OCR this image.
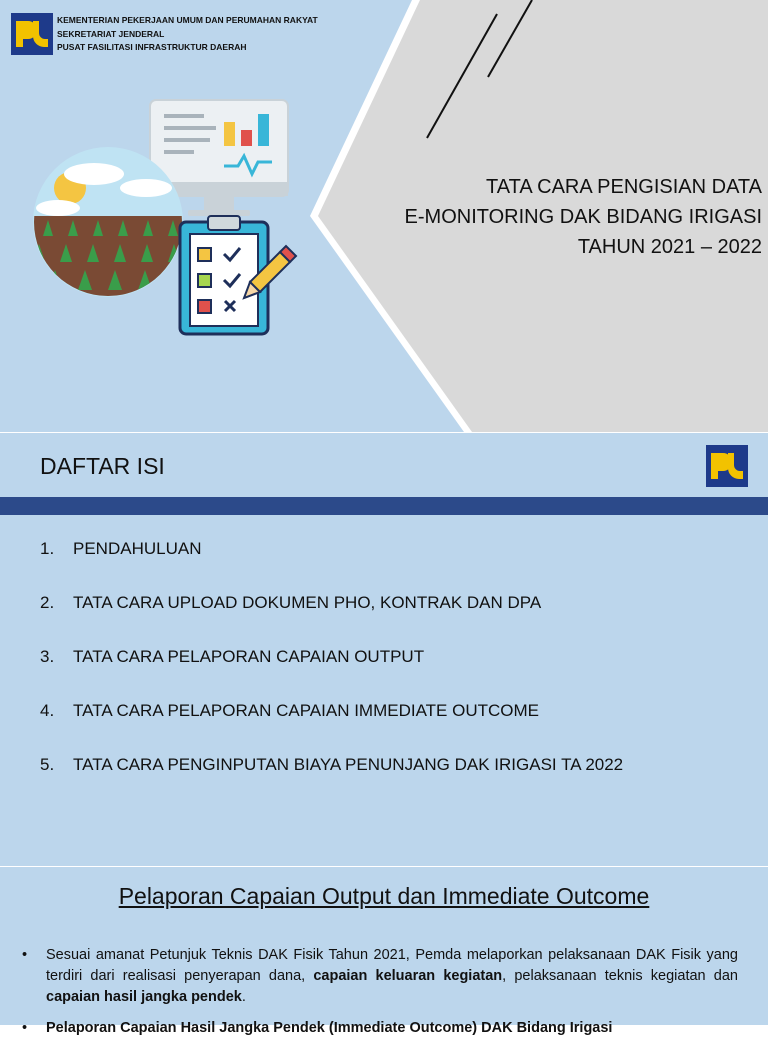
KEMENTERIAN PEKERJAAN UMUM DAN PERUMAHAN RAKYAT
SEKRETARIAT JENDERAL
PUSAT FASILITASI INFRASTRUKTUR DAERAH
TATA CARA PENGISIAN DATA
E-MONITORING DAK BIDANG IRIGASI
TAHUN 2021 – 2022
DAFTAR ISI
1. PENDAHULUAN
2. TATA CARA UPLOAD DOKUMEN PHO, KONTRAK DAN DPA
3. TATA CARA PELAPORAN CAPAIAN OUTPUT
4. TATA CARA PELAPORAN CAPAIAN IMMEDIATE OUTCOME
5. TATA CARA PENGINPUTAN BIAYA PENUNJANG DAK IRIGASI TA 2022
Pelaporan Capaian Output dan Immediate Outcome
• Sesuai amanat Petunjuk Teknis DAK Fisik Tahun 2021, Pemda melaporkan pelaksanaan DAK Fisik yang terdiri dari realisasi penyerapan dana, capaian keluaran kegiatan, pelaksanaan teknis kegiatan dan capaian hasil jangka pendek.
• Pelaporan Capaian Hasil Jangka Pendek (Immediate Outcome) DAK Bidang Irigasi
